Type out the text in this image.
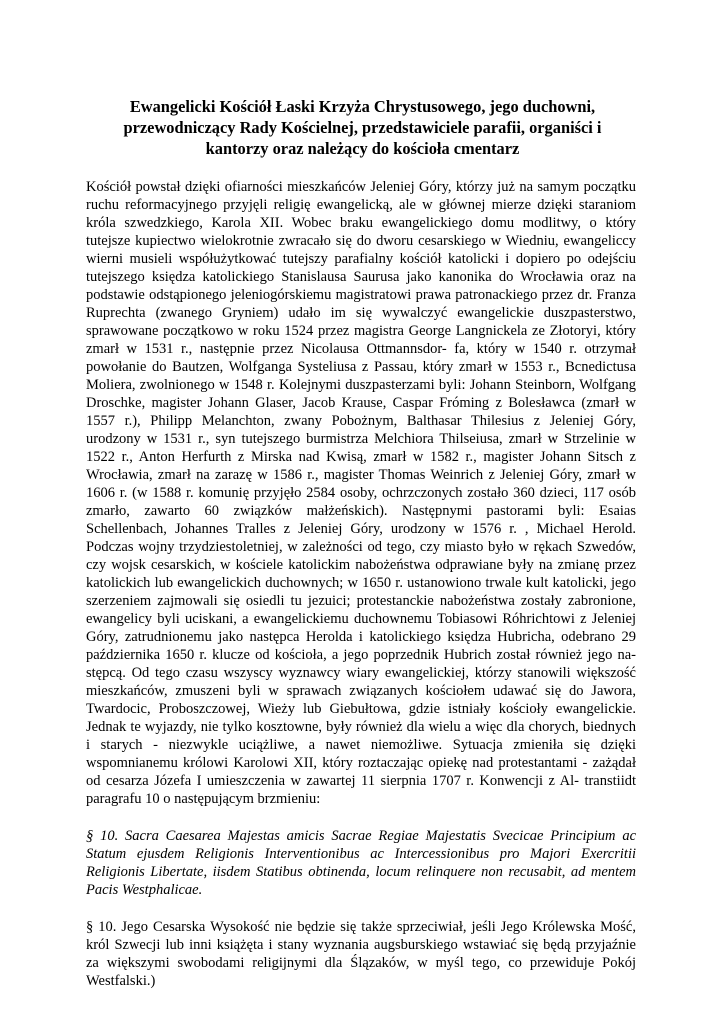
Ewangelicki Kościół Łaski Krzyża Chrystusowego, jego duchowni,
przewodniczący Rady Kościelnej, przedstawiciele parafii, organiści i
kantorzy oraz należący do kościoła cmentarz
Kościół powstał dzięki ofiarności mieszkańców Jeleniej Góry, którzy już na samym początku
ruchu reformacyjnego przyjęli religię ewangelicką, ale w głównej mierze dzięki staraniom
króla szwedzkiego, Karola XII. Wobec braku ewangelickiego domu modlitwy, o który
tutejsze kupiectwo wielokrotnie zwracało się do dworu cesarskiego w Wiedniu, ewangeliccy
wierni musieli współużytkować tutejszy parafialny kościół katolicki i dopiero po odejściu
tutejszego księdza katolickiego Stanislausa Saurusa jako kanonika do Wrocławia oraz na
podstawie odstąpionego jeleniogórskiemu magistratowi prawa patronackiego przez dr. Franza
Ruprechta (zwanego Gryniem) udało im się wywalczyć ewangelickie duszpasterstwo,
sprawowane początkowo w roku 1524 przez magistra George Langnickela ze Złotoryi, który
zmarł w 1531 r., następnie przez Nicolausa Ottmannsdor- fa, który w 1540 r. otrzymał
powołanie do Bautzen, Wolfganga Systeliusa z Passau, który zmarł w 1553 r., Bcnedictusa
Moliera, zwolnionego w 1548 r. Kolejnymi duszpasterzami byli: Johann Steinborn, Wolfgang
Droschke, magister Johann Glaser, Jacob Krause, Caspar Fróming z Bolesławca (zmarł w
1557 r.), Philipp Melanchton, zwany Pobożnym, Balthasar Thilesius z Jeleniej Góry,
urodzony w 1531 r., syn tutejszego burmistrza Melchiora Thilseiusa, zmarł w Strzelinie w
1522 r., Anton Herfurth z Mirska nad Kwisą, zmarł w 1582 r., magister Johann Sitsch z
Wrocławia, zmarł na zarazę w 1586 r., magister Thomas Weinrich z Jeleniej Góry, zmarł w
1606 r. (w 1588 r. komunię przyjęło 2584 osoby, ochrzczonych zostało 360 dzieci, 117 osób
zmarło, zawarto 60 związków małżeńskich). Następnymi pastorami byli: Esaias
Schellenbach, Johannes Tralles z Jeleniej Góry, urodzony w 1576 r. , Michael Herold.
Podczas wojny trzydziestoletniej, w zależności od tego, czy miasto było w rękach Szwedów,
czy wojsk cesarskich, w kościele katolickim nabożeństwa odprawiane były na zmianę przez
katolickich lub ewangelickich duchownych; w 1650 r. ustanowiono trwale kult katolicki, jego
szerzeniem zajmowali się osiedli tu jezuici; protestanckie nabożeństwa zostały zabronione,
ewangelicy byli uciskani, a ewangelickiemu duchownemu Tobiasowi Róhrichtowi z Jeleniej
Góry, zatrudnionemu jako następca Herolda i katolickiego księdza Hubricha, odebrano 29
października 1650 r. klucze od kościoła, a jego poprzednik Hubrich został również jego na-
stępcą. Od tego czasu wszyscy wyznawcy wiary ewangelickiej, którzy stanowili większość
mieszkańców, zmuszeni byli w sprawach związanych kościołem udawać się do Jawora,
Twardocic, Proboszczowej, Wieży lub Giebułtowa, gdzie istniały kościoły ewangelickie.
Jednak te wyjazdy, nie tylko kosztowne, były również dla wielu a więc dla chorych, biednych
i starych - niezwykle uciążliwe, a nawet niemożliwe. Sytuacja zmieniła się dzięki
wspomnianemu królowi Karolowi XII, który roztaczając opiekę nad protestantami - zażądał
od cesarza Józefa I umieszczenia w zawartej 11 sierpnia 1707 r. Konwencji z Al- transtiidt
paragrafu 10 o następującym brzmieniu:
§ 10. Sacra Caesarea Majestas amicis Sacrae Regiae Majestatis Svecicae Principium ac
Statum ejusdem Religionis Interventionibus ac Intercessionibus pro Majori Exercritii
Religionis Libertate, iisdem Statibus obtinenda, locum relinquere non recusabit, ad mentem
Pacis Westphalicae.
§ 10. Jego Cesarska Wysokość nie będzie się także sprzeciwiał, jeśli Jego Królewska Mość,
król Szwecji lub inni książęta i stany wyznania augsburskiego wstawiać się będą przyjaźnie
za większymi swobodami religijnymi dla Ślązaków, w myśl tego, co przewiduje Pokój
Westfalski.)
